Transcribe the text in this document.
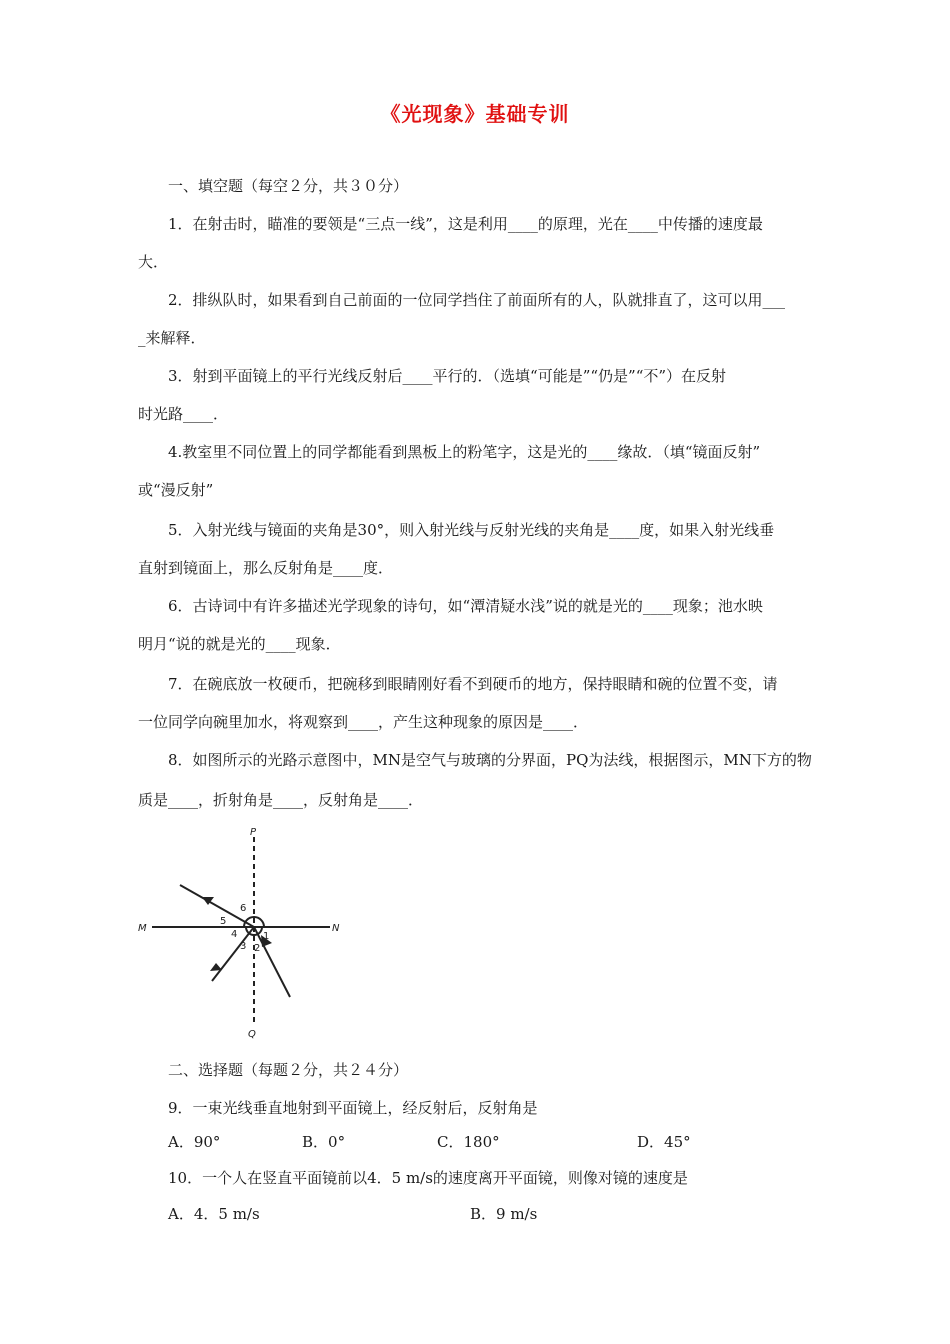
《光现象》基础专训
一、填空题（每空２分，共３０分）
1．在射击时，瞄准的要领是“三点一线”，这是利用____的原理，光在____中传播的速度最
大．
2．排纵队时，如果看到自己前面的一位同学挡住了前面所有的人，队就排直了，这可以用___
_来解释．
3．射到平面镜上的平行光线反射后____平行的．（选填“可能是”“仍是”“不”）在反射
时光路____．
4.教室里不同位置上的同学都能看到黑板上的粉笔字，这是光的____缘故．（填“镜面反射”
或“漫反射”
5．入射光线与镜面的夹角是30°，则入射光线与反射光线的夹角是____度，如果入射光线垂
直射到镜面上，那么反射角是____度．
6．古诗词中有许多描述光学现象的诗句，如“潭清疑水浅”说的就是光的____现象；池水映
明月“说的就是光的____现象．
7．在碗底放一枚硬币，把碗移到眼睛刚好看不到硬币的地方，保持眼睛和碗的位置不变，请
一位同学向碗里加水，将观察到____，产生这种现象的原因是____．
8．如图所示的光路示意图中，MN是空气与玻璃的分界面，PQ为法线，根据图示，MN下方的物
质是____，折射角是____，反射角是____．
P
Q
M	N
1
2
3
4
5
6
二、选择题（每题２分，共２４分）
9．一束光线垂直地射到平面镜上，经反射后，反射角是
A．90°	B．0°	C．180°	D．45°
10．一个人在竖直平面镜前以4．5 m/s的速度离开平面镜，则像对镜的速度是
A．4．5 m/s	B．9 m/s
